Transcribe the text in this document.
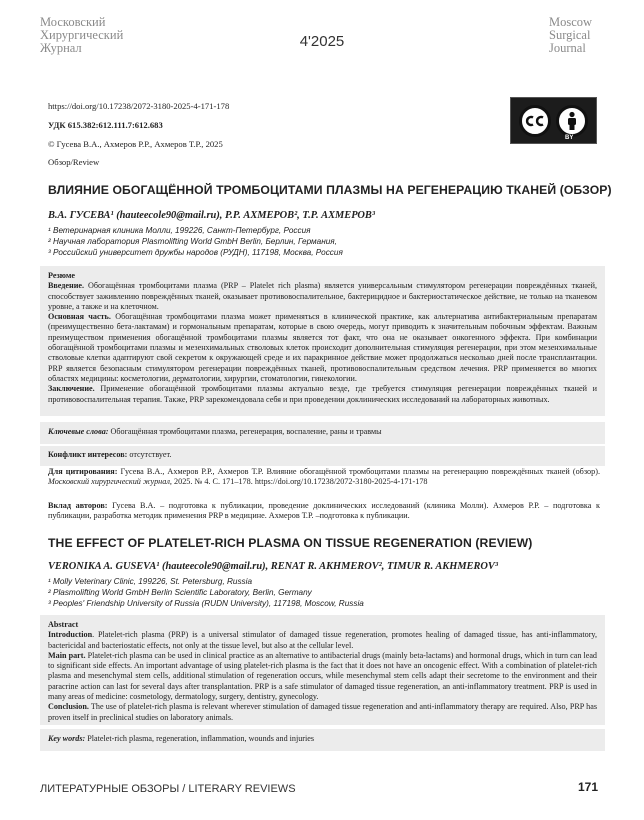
Московский
Хирургический
Журнал	4'2025
Moscow
Surgical
Journal
https://doi.org/10.17238/2072-3180-2025-4-171-178
УДК 615.382:612.111.7:612.683
© Гусева В.А., Ахмеров Р.Р., Ахмеров Т.Р., 2025
Обзор/Review
BY
ВЛИЯНИЕ ОБОГАЩЁННОЙ ТРОМБОЦИТАМИ ПЛАЗМЫ НА РЕГЕНЕРАЦИЮ ТКАНЕЙ (ОБЗОР)
В.А. ГУСЕВА¹ (hauteecole90@mail.ru), Р.Р. АХМЕРОВ², Т.Р. АХМЕРОВ³
¹ Ветеринарная клиника Молли, 199226, Санкт-Петербург, Россия
² Научная лаборатория Plasmolifting World GmbH Berlin, Берлин, Германия,
³ Российский университет дружбы народов (РУДН), 117198, Москва, Россия

Резюме

Введение. Обогащённая тромбоцитами плазма (PRP – Platelet rich plasma) является универсальным стимулятором регенерации повреждённых тканей, способствует заживлению повреждённых тканей, оказывает противовоспалительное, бактерицидное и бактериостатическое действие, не только на тканевом уровне, а также и на клеточном.

Основная часть. Обогащённая тромбоцитами плазма может применяться в клинической практике, как альтернатива антибактериальным препаратам (преимущественно бета-лактамам) и гормональным препаратам, которые в свою очередь, могут приводить к значительным побочным эффектам. Важным преимуществом применения обогащённой тромбоцитами плазмы является тот факт, что она не оказывает онкогенного эффекта. При комбинации обогащённой тромбоцитами плазмы и мезенхимальных стволовых клеток происходит дополнительная стимуляция регенерации, при этом мезенхимальные стволовые клетки адаптируют свой секретом к окружающей среде и их паракринное действие может продолжаться несколько дней после трансплантации. PRP является безопасным стимулятором регенерации повреждённых тканей, противовоспалительным средством лечения. PRP применяется во многих областях медицины: косметологии, дерматологии, хирургии, стоматологии, гинекологии.

Заключение. Применение обогащённой тромбоцитами плазмы актуально везде, где требуется стимуляция регенерации повреждённых тканей и противовоспалительная терапия. Также, PRP зарекомендовала себя и при проведении доклинических исследований на лабораторных животных.

Ключевые слова: Обогащённая тромбоцитами плазма, регенерация, воспаление, раны и травмы

Конфликт интересов: отсутствует.

Для цитирования: Гусева В.А., Ахмеров Р.Р., Ахмеров Т.Р. Влияние обогащённой тромбоцитами плазмы на регенерацию повреждённых тканей (обзор). Московский хирургический журнал, 2025. № 4. С. 171–178. https://doi.org/10.17238/2072-3180-2025-4-171-178
Вклад авторов: Гусева В.А. – подготовка к публикации, проведение доклинических исследований (клиника Молли). Ахмеров Р.Р. – подготовка к публикации, разработка методик применения PRP в медицине. Ахмеров Т.Р. –подготовка к публикации.
THE EFFECT OF PLATELET-RICH PLASMA ON TISSUE REGENERATION (REVIEW)
VERONIKA A. GUSEVA¹ (hauteecole90@mail.ru), RENAT R. AKHMEROV², TIMUR R. AKHMEROV³
¹ Molly Veterinary Clinic, 199226, St. Petersburg, Russia
² Plasmolifting World GmbH Berlin Scientific Laboratory, Berlin, Germany
³ Peoples' Friendship University of Russia (RUDN University), 117198, Moscow, Russia

Abstract

Introduction. Platelet-rich plasma (PRP) is a universal stimulator of damaged tissue regeneration, promotes healing of damaged tissue, has anti-inflammatory, bactericidal and bacteriostatic effects, not only at the tissue level, but also at the cellular level.

Main part. Platelet-rich plasma can be used in clinical practice as an alternative to antibacterial drugs (mainly beta-lactams) and hormonal drugs, which in turn can lead to significant side effects. An important advantage of using platelet-rich plasma is the fact that it does not have an oncogenic effect. With a combination of platelet-rich plasma and mesenchymal stem cells, additional stimulation of regeneration occurs, while mesenchymal stem cells adapt their secretome to the environment and their paracrine action can last for several days after transplantation. PRP is a safe stimulator of damaged tissue regeneration, an anti-inflammatory treatment. PRP is used in many areas of medicine: cosmetology, dermatology, surgery, dentistry, gynecology.

Conclusion. The use of platelet-rich plasma is relevant wherever stimulation of damaged tissue regeneration and anti-inflammatory therapy are required. Also, PRP has proven itself in preclinical studies on laboratory animals.

Key words: Platelet-rich plasma, regeneration, inflammation, wounds and injuries

ЛИТЕРАТУРНЫЕ ОБЗОРЫ / LITERARY REVIEWS	171
